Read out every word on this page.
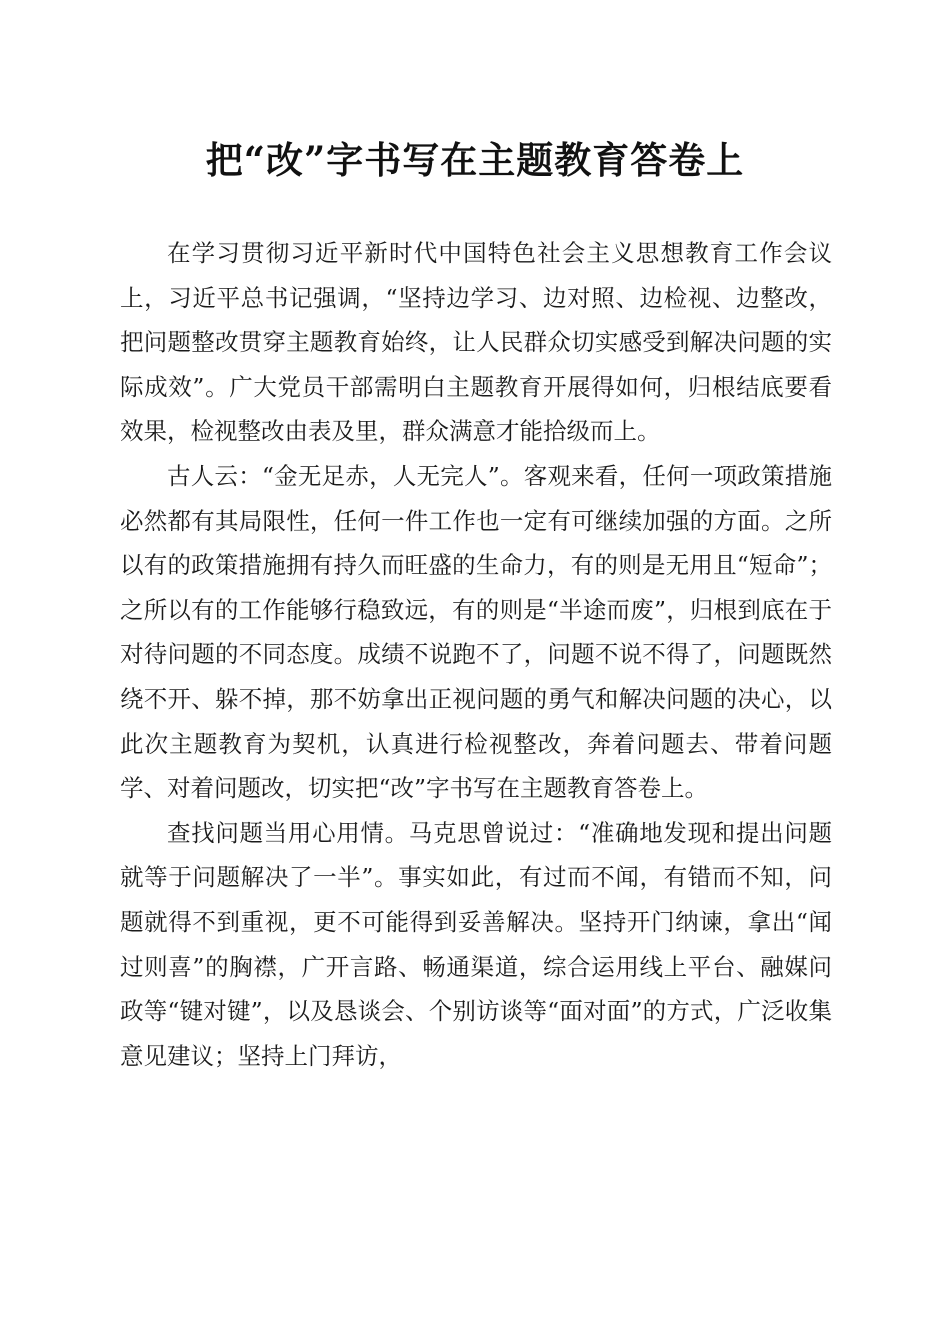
把“改”字书写在主题教育答卷上

在学习贯彻习近平新时代中国特色社会主义思想教育工作会议上，习近平总书记强调，“坚持边学习、边对照、边检视、边整改，把问题整改贯穿主题教育始终，让人民群众切实感受到解决问题的实际成效”。广大党员干部需明白主题教育开展得如何，归根结底要看效果，检视整改由表及里，群众满意才能拾级而上。

古人云：“金无足赤，人无完人”。客观来看，任何一项政策措施必然都有其局限性，任何一件工作也一定有可继续加强的方面。之所以有的政策措施拥有持久而旺盛的生命力，有的则是无用且“短命”；之所以有的工作能够行稳致远，有的则是“半途而废”，归根到底在于对待问题的不同态度。成绩不说跑不了，问题不说不得了，问题既然绕不开、躲不掉，那不妨拿出正视问题的勇气和解决问题的决心，以此次主题教育为契机，认真进行检视整改，奔着问题去、带着问题学、对着问题改，切实把“改”字书写在主题教育答卷上。

查找问题当用心用情。马克思曾说过：“准确地发现和提出问题就等于问题解决了一半”。事实如此，有过而不闻，有错而不知，问题就得不到重视，更不可能得到妥善解决。坚持开门纳谏，拿出“闻过则喜”的胸襟，广开言路、畅通渠道，综合运用线上平台、融媒问政等“键对键”，以及恳谈会、个别访谈等“面对面”的方式，广泛收集意见建议；坚持上门拜访，
